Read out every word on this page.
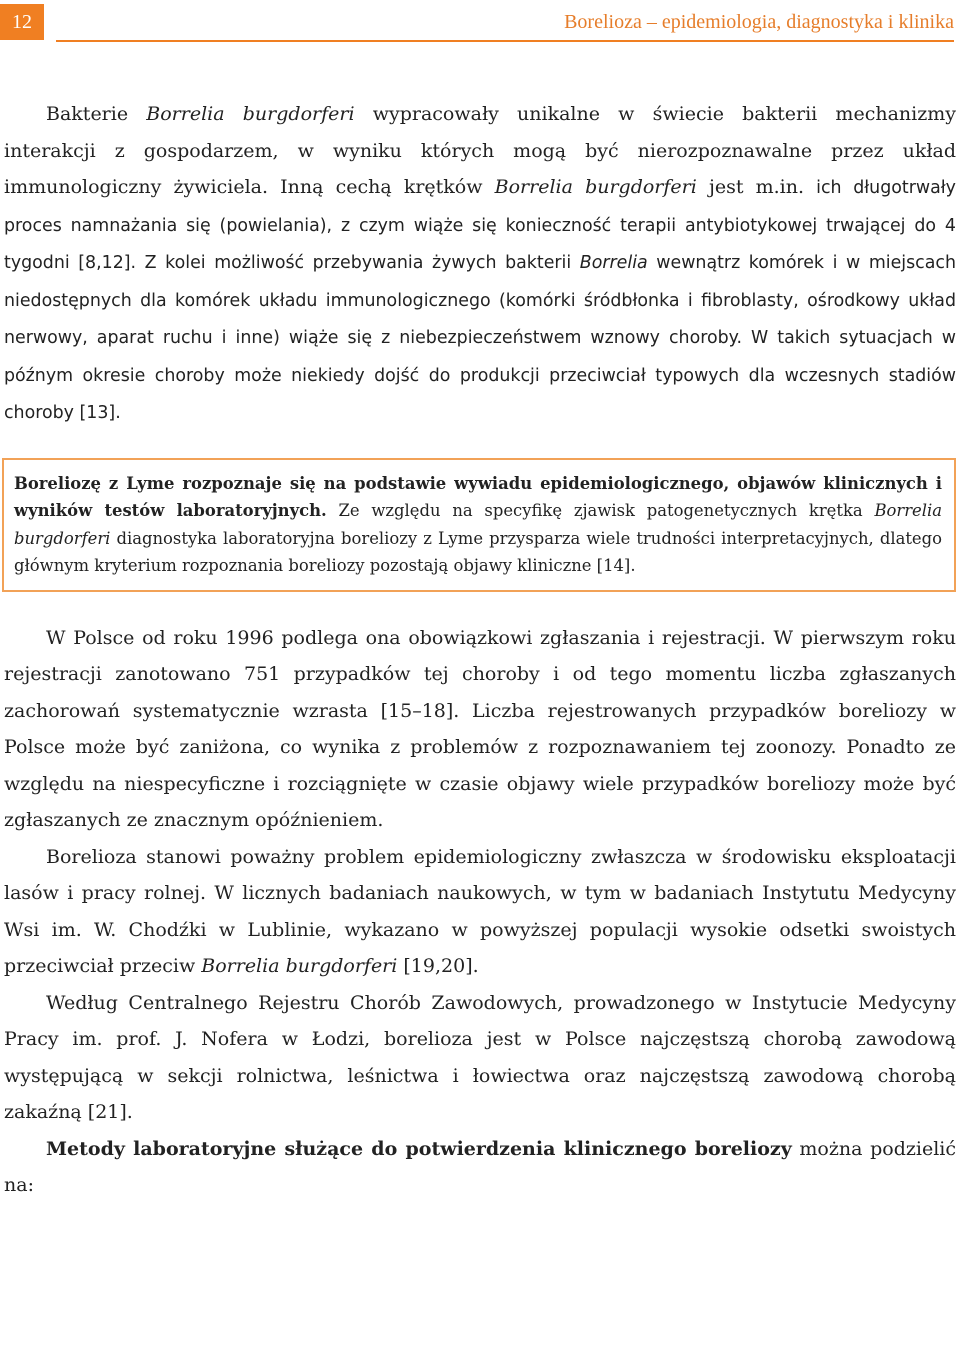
12	Borelioza – epidemiologia, diagnostyka i klinika

Bakterie Borrelia burgdorferi wypracowały unikalne w świecie bakterii mechanizmy interakcji z gospodarzem, w wyniku których mogą być nierozpoznawalne przez układ immunologiczny żywiciela. Inną cechą krętków Borrelia burgdorferi jest m.in. ich długotrwały proces namnażania się (powielania), z czym wiąże się konieczność terapii antybiotykowej trwającej do 4 tygodni [8,12]. Z kolei możliwość przebywania żywych bakterii Borrelia wewnątrz komórek i w miejscach niedostępnych dla komórek układu immunologicznego (komórki śródbłonka i fibroblasty, ośrodkowy układ nerwowy, aparat ruchu i inne) wiąże się z niebezpieczeństwem wznowy choroby. W takich sytuacjach w późnym okresie choroby może niekiedy dojść do produkcji przeciwciał typowych dla wczesnych stadiów choroby [13].

Boreliozę z Lyme rozpoznaje się na podstawie wywiadu epidemiologicznego, objawów klinicznych i wyników testów laboratoryjnych. Ze względu na specyfikę zjawisk patogenetycznych krętka Borrelia burgdorferi diagnostyka laboratoryjna boreliozy z Lyme przysparza wiele trudności interpretacyjnych, dlatego głównym kryterium rozpoznania boreliozy pozostają objawy kliniczne [14].

W Polsce od roku 1996 podlega ona obowiązkowi zgłaszania i rejestracji. W pierwszym roku rejestracji zanotowano 751 przypadków tej choroby i od tego momentu liczba zgłaszanych zachorowań systematycznie wzrasta [15–18]. Liczba rejestrowanych przypadków boreliozy w Polsce może być zaniżona, co wynika z problemów z rozpoznawaniem tej zoonozy. Ponadto ze względu na niespecyficzne i rozciągnięte w czasie objawy wiele przypadków boreliozy może być zgłaszanych ze znacznym opóźnieniem.

Borelioza stanowi poważny problem epidemiologiczny zwłaszcza w środowisku eksploatacji lasów i pracy rolnej. W licznych badaniach naukowych, w tym w badaniach Instytutu Medycyny Wsi im. W. Chodźki w Lublinie, wykazano w powyższej populacji wysokie odsetki swoistych przeciwciał przeciw Borrelia burgdorferi [19,20].

Według Centralnego Rejestru Chorób Zawodowych, prowadzonego w Instytucie Medycyny Pracy im. prof. J. Nofera w Łodzi, borelioza jest w Polsce najczęstszą chorobą zawodową występującą w sekcji rolnictwa, leśnictwa i łowiectwa oraz najczęstszą zawodową chorobą zakaźną [21].

Metody laboratoryjne służące do potwierdzenia klinicznego boreliozy można podzielić na:
